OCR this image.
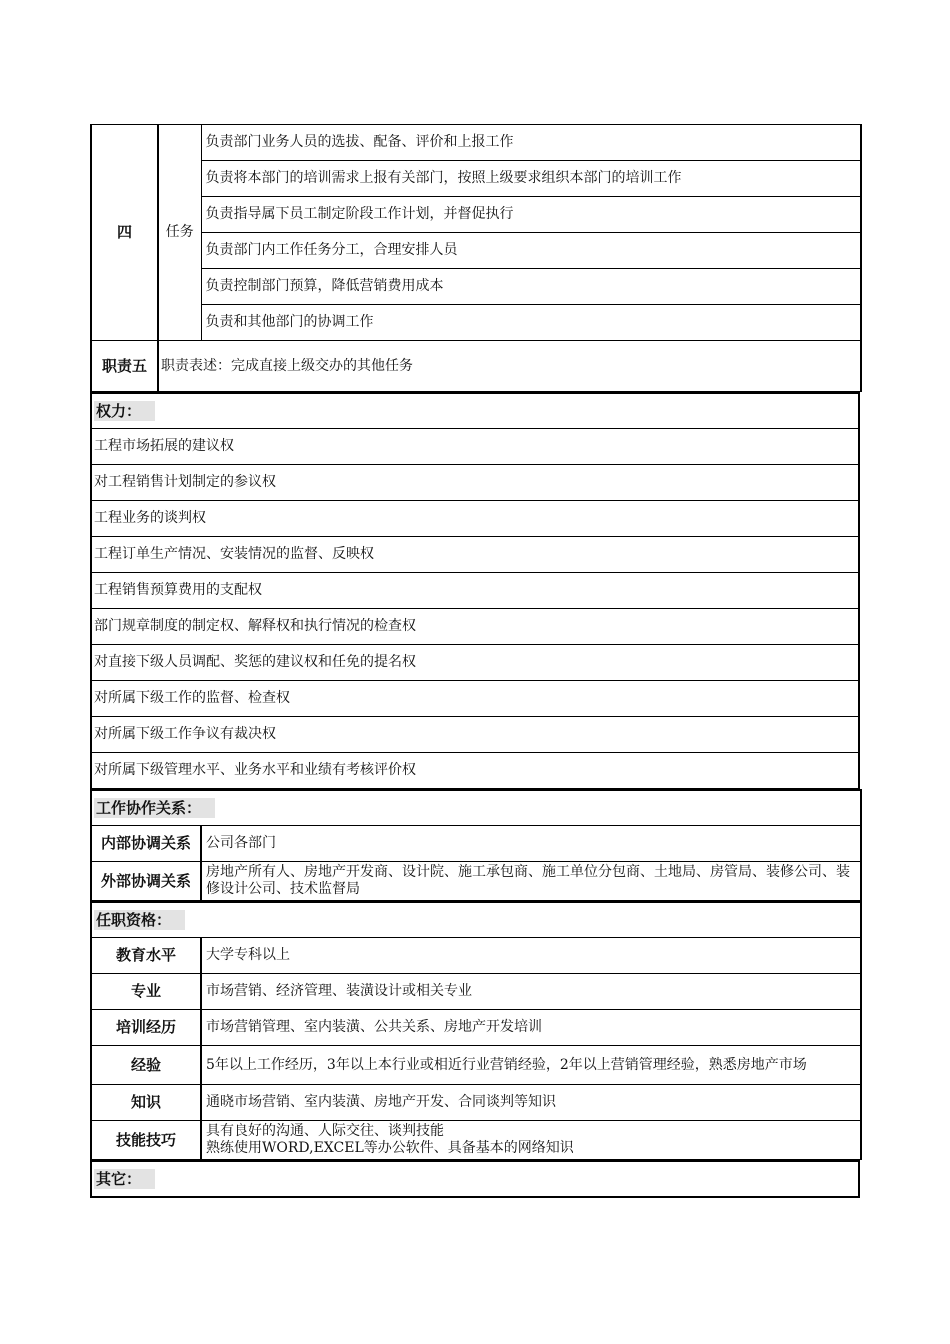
四	任务	负责部门业务人员的选拔、配备、评价和上报工作
		负责将本部门的培训需求上报有关部门，按照上级要求组织本部门的培训工作
		负责指导属下员工制定阶段工作计划，并督促执行
		负责部门内工作任务分工，合理安排人员
		负责控制部门预算，降低营销费用成本
		负责和其他部门的协调工作
职责五	职责表述：完成直接上级交办的其他任务	
权力：
工程市场拓展的建议权
对工程销售计划制定的参议权
工程业务的谈判权
工程订单生产情况、安装情况的监督、反映权
工程销售预算费用的支配权
部门规章制度的制定权、解释权和执行情况的检查权
对直接下级人员调配、奖惩的建议权和任免的提名权
对所属下级工作的监督、检查权
对所属下级工作争议有裁决权
对所属下级管理水平、业务水平和业绩有考核评价权
工作协作关系：	
内部协调关系	公司各部门
外部协调关系	房地产所有人、房地产开发商、设计院、施工承包商、施工单位分包商、土地局、房管局、装修公司、装修设计公司、技术监督局
任职资格：	
教育水平	大学专科以上
专业	市场营销、经济管理、装潢设计或相关专业
培训经历	市场营销管理、室内装潢、公共关系、房地产开发培训
经验	5年以上工作经历，3年以上本行业或相近行业营销经验，2年以上营销管理经验，熟悉房地产市场
知识	通晓市场营销、室内装潢、房地产开发、合同谈判等知识
技能技巧	具有良好的沟通、人际交往、谈判技能
熟练使用WORD,EXCEL等办公软件、具备基本的网络知识
其它：
